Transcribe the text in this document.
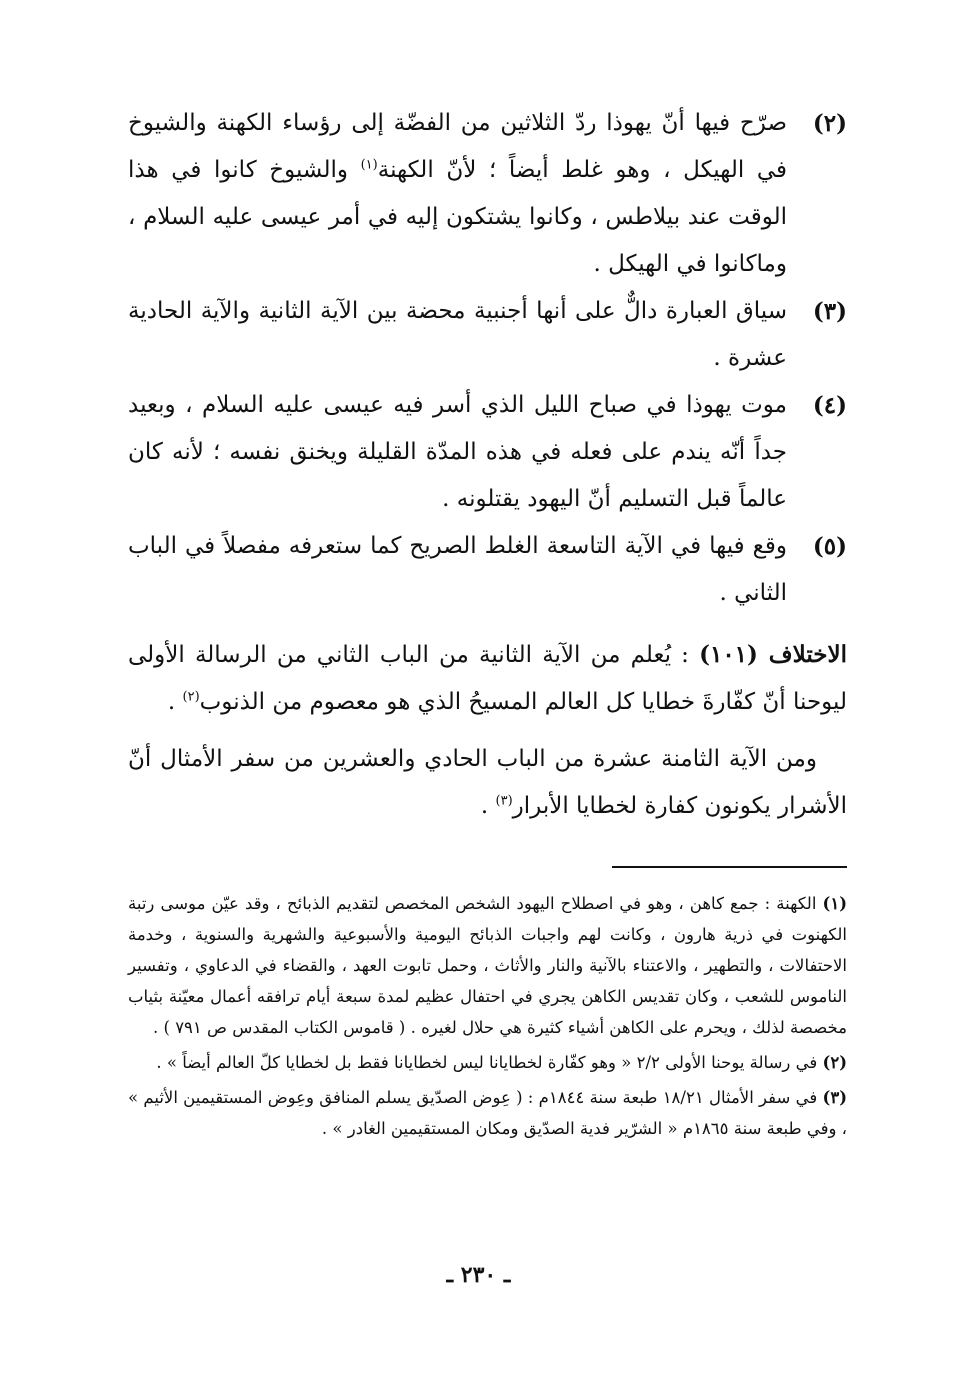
(٢)
صرّح فيها أنّ يهوذا ردّ الثلاثين من الفضّة إلى رؤساء الكهنة والشيوخ في الهيكل ، وهو غلط أيضاً ؛ لأنّ الكهنة$^{(١)}$ والشيوخ كانوا في هذا الوقت عند بيلاطس ، وكانوا يشتكون إليه في أمر عيسى عليه السلام ، وماكانوا في الهيكل .
(٣)
سياق العبارة دالٌّ على أنها أجنبية محضة بين الآية الثانية والآية الحادية عشرة .
(٤)
موت يهوذا في صباح الليل الذي أسر فيه عيسى عليه السلام ، وبعيد جداً أنّه يندم على فعله في هذه المدّة القليلة ويخنق نفسه ؛ لأنه كان عالماً قبل التسليم أنّ اليهود يقتلونه .
(٥)
وقع فيها في الآية التاسعة الغلط الصريح كما ستعرفه مفصلاً في الباب الثاني .
الاختلاف (١٠١) : يُعلم من الآية الثانية من الباب الثاني من الرسالة الأولى ليوحنا أنّ كفّارةَ خطايا كل العالم المسيحُ الذي هو معصوم من الذنوب$^{(٢)}$ .
ومن الآية الثامنة عشرة من الباب الحادي والعشرين من سفر الأمثال أنّ الأشرار يكونون كفارة لخطايا الأبرار$^{(٣)}$ .
(١) الكهنة : جمع كاهن ، وهو في اصطلاح اليهود الشخص المخصص لتقديم الذبائح ، وقد عيّن موسى رتبة الكهنوت في ذرية هارون ، وكانت لهم واجبات الذبائح اليومية والأسبوعية والشهرية والسنوية ، وخدمة الاحتفالات ، والتطهير ، والاعتناء بالآنية والنار والأثاث ، وحمل تابوت العهد ، والقضاء في الدعاوي ، وتفسير الناموس للشعب ، وكان تقديس الكاهن يجري في احتفال عظيم لمدة سبعة أيام ترافقه أعمال معيّنة بثياب مخصصة لذلك ، ويحرم على الكاهن أشياء كثيرة هي حلال لغيره . ( قاموس الكتاب المقدس ص ٧٩١ ) .
(٢) في رسالة يوحنا الأولى ٢/٢ « وهو كفّارة لخطايانا ليس لخطايانا فقط بل لخطايا كلّ العالم أيضاً » .
(٣) في سفر الأمثال ١٨/٢١ طبعة سنة ١٨٤٤م : ( عِوض الصدّيق يسلم المنافق وعِوض المستقيمين الأثيم » ، وفي طبعة سنة ١٨٦٥م « الشرّير فدية الصدّيق ومكان المستقيمين الغادر » .
ـ ٢٣٠ ـ
